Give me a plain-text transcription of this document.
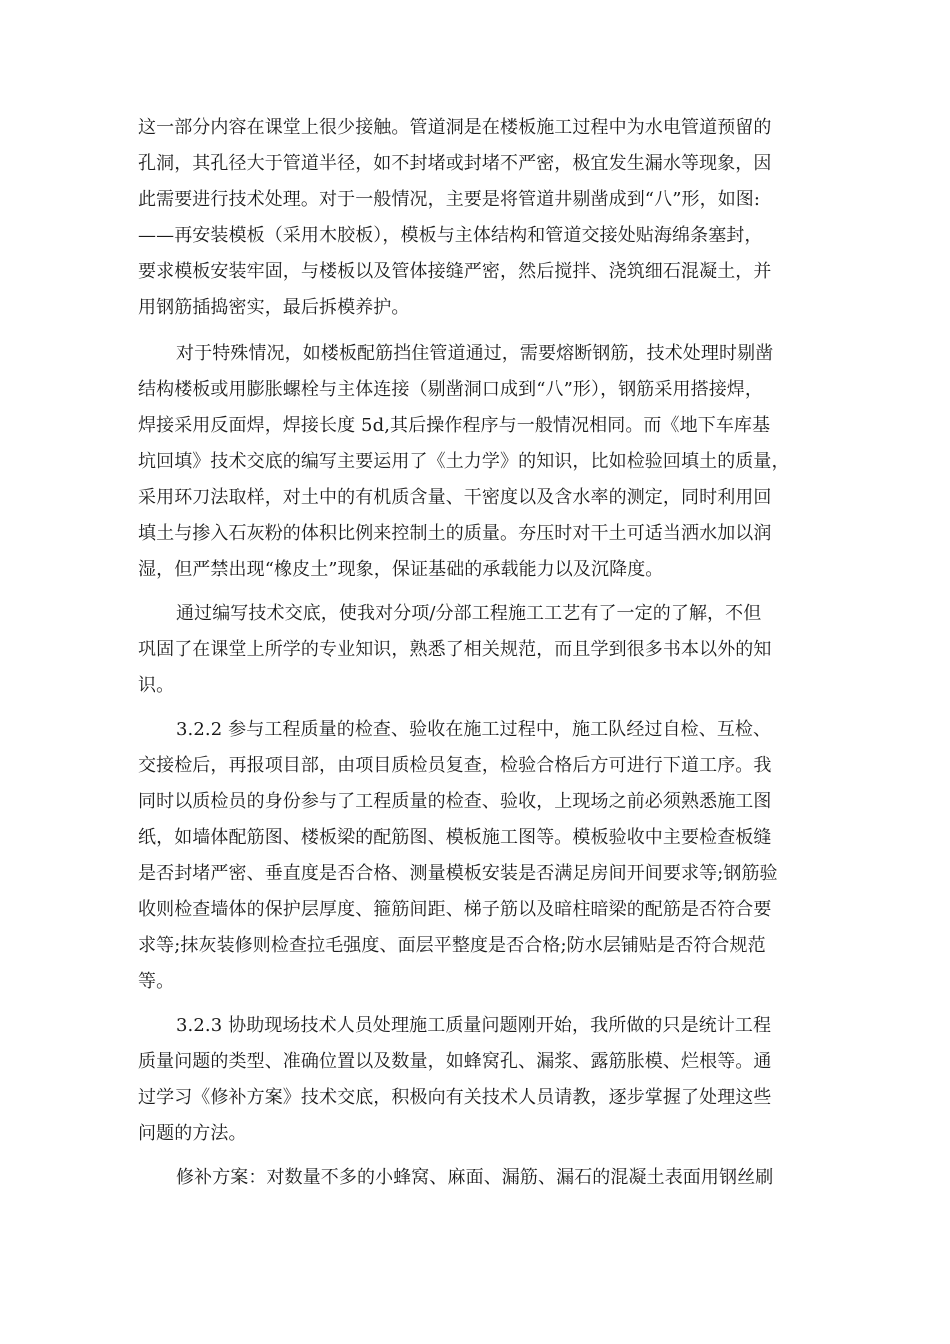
这一部分内容在课堂上很少接触。管道洞是在楼板施工过程中为水电管道预留的
孔洞，其孔径大于管道半径，如不封堵或封堵不严密，极宜发生漏水等现象，因
此需要进行技术处理。对于一般情况，主要是将管道井剔凿成到“八”形，如图:
——再安装模板（采用木胶板），模板与主体结构和管道交接处贴海绵条塞封，
要求模板安装牢固，与楼板以及管体接缝严密，然后搅拌、浇筑细石混凝土，并
用钢筋插捣密实，最后拆模养护。
对于特殊情况，如楼板配筋挡住管道通过，需要熔断钢筋，技术处理时剔凿
结构楼板或用膨胀螺栓与主体连接（剔凿洞口成到“八”形），钢筋采用搭接焊，
焊接采用反面焊，焊接长度 5d,其后操作程序与一般情况相同。而《地下车库基
坑回填》技术交底的编写主要运用了《土力学》的知识，比如检验回填土的质量，
采用环刀法取样，对土中的有机质含量、干密度以及含水率的测定，同时利用回
填土与掺入石灰粉的体积比例来控制土的质量。夯压时对干土可适当洒水加以润
湿，但严禁出现“橡皮土”现象，保证基础的承载能力以及沉降度。
通过编写技术交底，使我对分项/分部工程施工工艺有了一定的了解，不但
巩固了在课堂上所学的专业知识，熟悉了相关规范，而且学到很多书本以外的知
识。
3.2.2 参与工程质量的检查、验收在施工过程中，施工队经过自检、互检、
交接检后，再报项目部，由项目质检员复查，检验合格后方可进行下道工序。我
同时以质检员的身份参与了工程质量的检查、验收，上现场之前必须熟悉施工图
纸，如墙体配筋图、楼板梁的配筋图、模板施工图等。模板验收中主要检查板缝
是否封堵严密、垂直度是否合格、测量模板安装是否满足房间开间要求等;钢筋验
收则检查墙体的保护层厚度、箍筋间距、梯子筋以及暗柱暗梁的配筋是否符合要
求等;抹灰装修则检查拉毛强度、面层平整度是否合格;防水层铺贴是否符合规范
等。
3.2.3 协助现场技术人员处理施工质量问题刚开始，我所做的只是统计工程
质量问题的类型、准确位置以及数量，如蜂窝孔、漏浆、露筋胀模、烂根等。通
过学习《修补方案》技术交底，积极向有关技术人员请教，逐步掌握了处理这些
问题的方法。
修补方案：对数量不多的小蜂窝、麻面、漏筋、漏石的混凝土表面用钢丝刷
